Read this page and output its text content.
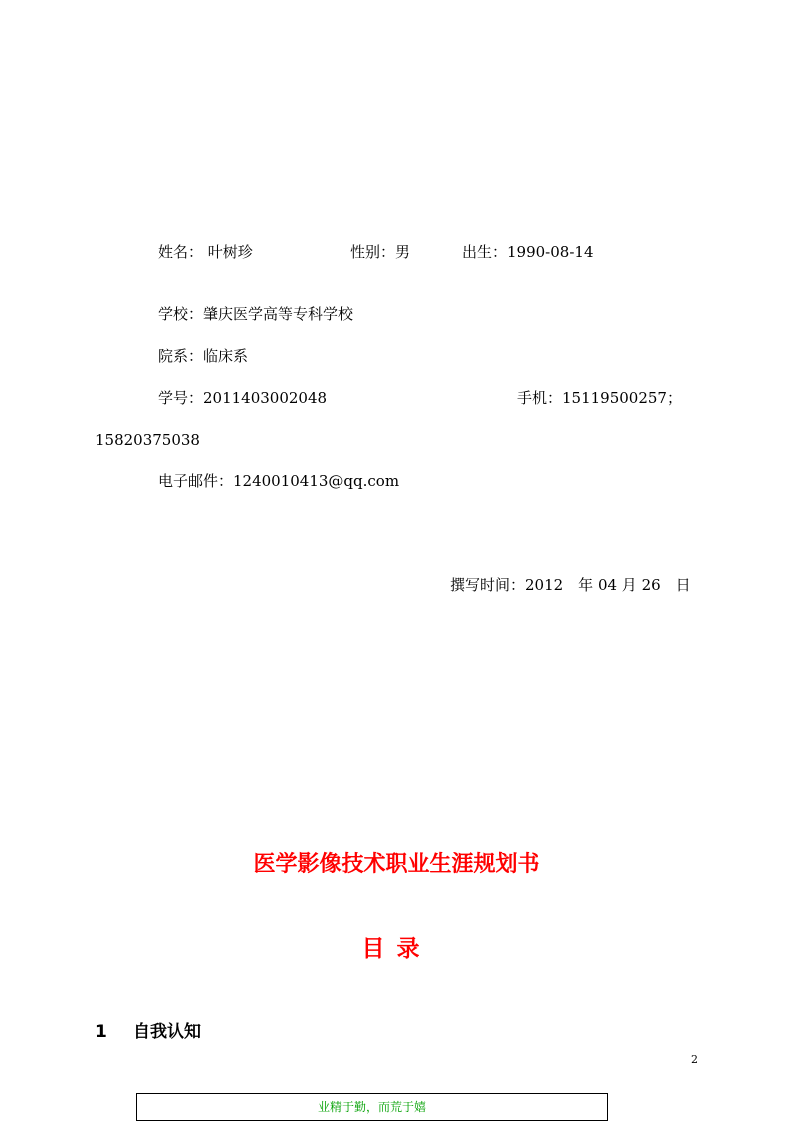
姓名： 叶树珍	性别：男	出生：1990-08-14
学校：肇庆医学高等专科学校
院系：临床系
学号：2011403002048	手机：15119500257；
15820375038
电子邮件：1240010413@qq.com
撰写时间：2012　年 04 月 26　日
医学影像技术职业生涯规划书
目录
1 自我认知
2
业精于勤，而荒于嬉
